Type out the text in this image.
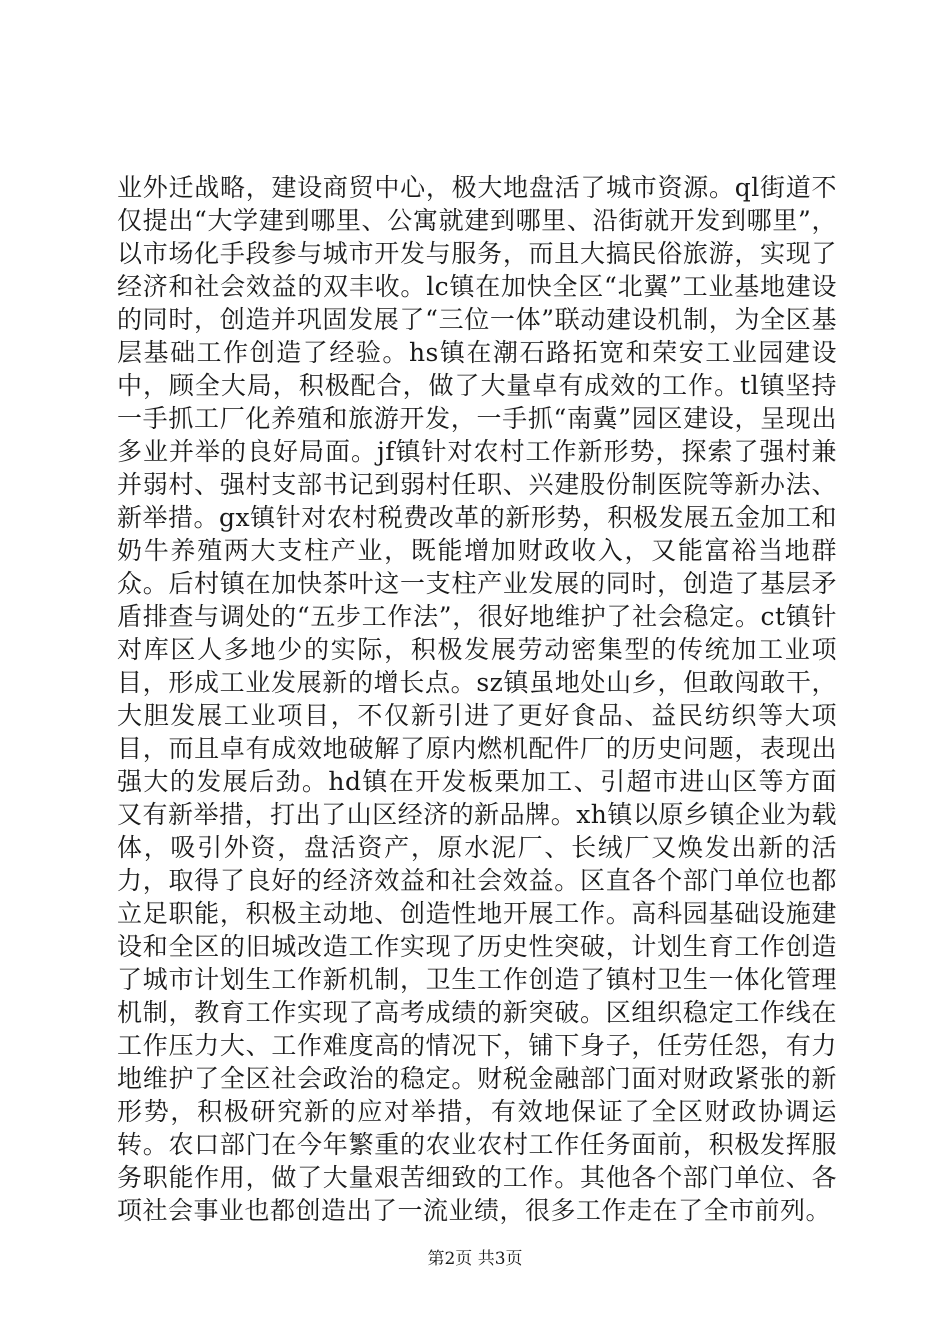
业外迁战略，建设商贸中心，极大地盘活了城市资源。ql街道不仅提出“大学建到哪里、公寓就建到哪里、沿街就开发到哪里”，以市场化手段参与城市开发与服务，而且大搞民俗旅游，实现了经济和社会效益的双丰收。lc镇在加快全区“北翼”工业基地建设的同时，创造并巩固发展了“三位一体”联动建设机制，为全区基层基础工作创造了经验。hs镇在潮石路拓宽和荣安工业园建设中，顾全大局，积极配合，做了大量卓有成效的工作。tl镇坚持一手抓工厂化养殖和旅游开发，一手抓“南冀”园区建设，呈现出多业并举的良好局面。jf镇针对农村工作新形势，探索了强村兼并弱村、强村支部书记到弱村任职、兴建股份制医院等新办法、新举措。gx镇针对农村税费改革的新形势，积极发展五金加工和奶牛养殖两大支柱产业，既能增加财政收入，又能富裕当地群众。后村镇在加快茶叶这一支柱产业发展的同时，创造了基层矛盾排查与调处的“五步工作法”，很好地维护了社会稳定。ct镇针对库区人多地少的实际，积极发展劳动密集型的传统加工业项目，形成工业发展新的增长点。sz镇虽地处山乡，但敢闯敢干，大胆发展工业项目，不仅新引进了更好食品、益民纺织等大项目，而且卓有成效地破解了原内燃机配件厂的历史问题，表现出强大的发展后劲。hd镇在开发板栗加工、引超市进山区等方面又有新举措，打出了山区经济的新品牌。xh镇以原乡镇企业为载体，吸引外资，盘活资产，原水泥厂、长绒厂又焕发出新的活力，取得了良好的经济效益和社会效益。区直各个部门单位也都立足职能，积极主动地、创造性地开展工作。高科园基础设施建设和全区的旧城改造工作实现了历史性突破，计划生育工作创造了城市计划生工作新机制，卫生工作创造了镇村卫生一体化管理机制，教育工作实现了高考成绩的新突破。区组织稳定工作线在工作压力大、工作难度高的情况下，铺下身子，任劳任怨，有力地维护了全区社会政治的稳定。财税金融部门面对财政紧张的新形势，积极研究新的应对举措，有效地保证了全区财政协调运转。农口部门在今年繁重的农业农村工作任务面前，积极发挥服务职能作用，做了大量艰苦细致的工作。其他各个部门单位、各项社会事业也都创造出了一流业绩，很多工作走在了全市前列。

第2页 共3页
